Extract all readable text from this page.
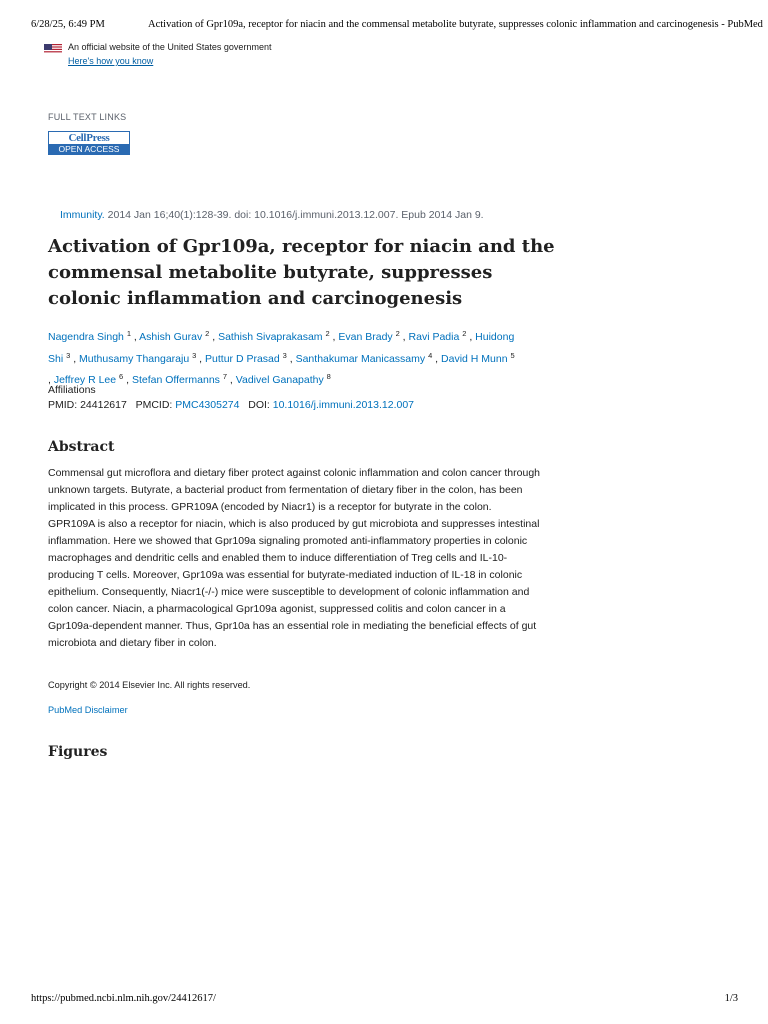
6/28/25, 6:49 PM	Activation of Gpr109a, receptor for niacin and the commensal metabolite butyrate, suppresses colonic inflammation and carcinogenesis - PubMed
An official website of the United States government
Here's how you know
FULL TEXT LINKS
CellPress
OPEN ACCESS
Immunity. 2014 Jan 16;40(1):128-39. doi: 10.1016/j.immuni.2013.12.007. Epub 2014 Jan 9.
Activation of Gpr109a, receptor for niacin and the commensal metabolite butyrate, suppresses colonic inflammation and carcinogenesis
Nagendra Singh $^1$ , Ashish Gurav $^2$ , Sathish Sivaprakasam $^2$ , Evan Brady $^2$ , Ravi Padia $^2$ , Huidong Shi $^3$ , Muthusamy Thangaraju $^3$ , Puttur D Prasad $^3$ , Santhakumar Manicassamy $^4$ , David H Munn $^5$ , Jeffrey R Lee $^6$ , Stefan Offermanns $^7$ , Vadivel Ganapathy $^8$
Affiliations
PMID: 24412617 PMCID: PMC4305274 DOI: 10.1016/j.immuni.2013.12.007
Abstract

Commensal gut microflora and dietary fiber protect against colonic inflammation and colon cancer through unknown targets. Butyrate, a bacterial product from fermentation of dietary fiber in the colon, has been implicated in this process. GPR109A (encoded by Niacr1) is a receptor for butyrate in the colon. GPR109A is also a receptor for niacin, which is also produced by gut microbiota and suppresses intestinal inflammation. Here we showed that Gpr109a signaling promoted anti-inflammatory properties in colonic macrophages and dendritic cells and enabled them to induce differentiation of Treg cells and IL-10-producing T cells. Moreover, Gpr109a was essential for butyrate-mediated induction of IL-18 in colonic epithelium. Consequently, Niacr1(-/-) mice were susceptible to development of colonic inflammation and colon cancer. Niacin, a pharmacological Gpr109a agonist, suppressed colitis and colon cancer in a Gpr109a-dependent manner. Thus, Gpr10a has an essential role in mediating the beneficial effects of gut microbiota and dietary fiber in colon.

Copyright © 2014 Elsevier Inc. All rights reserved.
PubMed Disclaimer
Figures
https://pubmed.ncbi.nlm.nih.gov/24412617/	1/3
